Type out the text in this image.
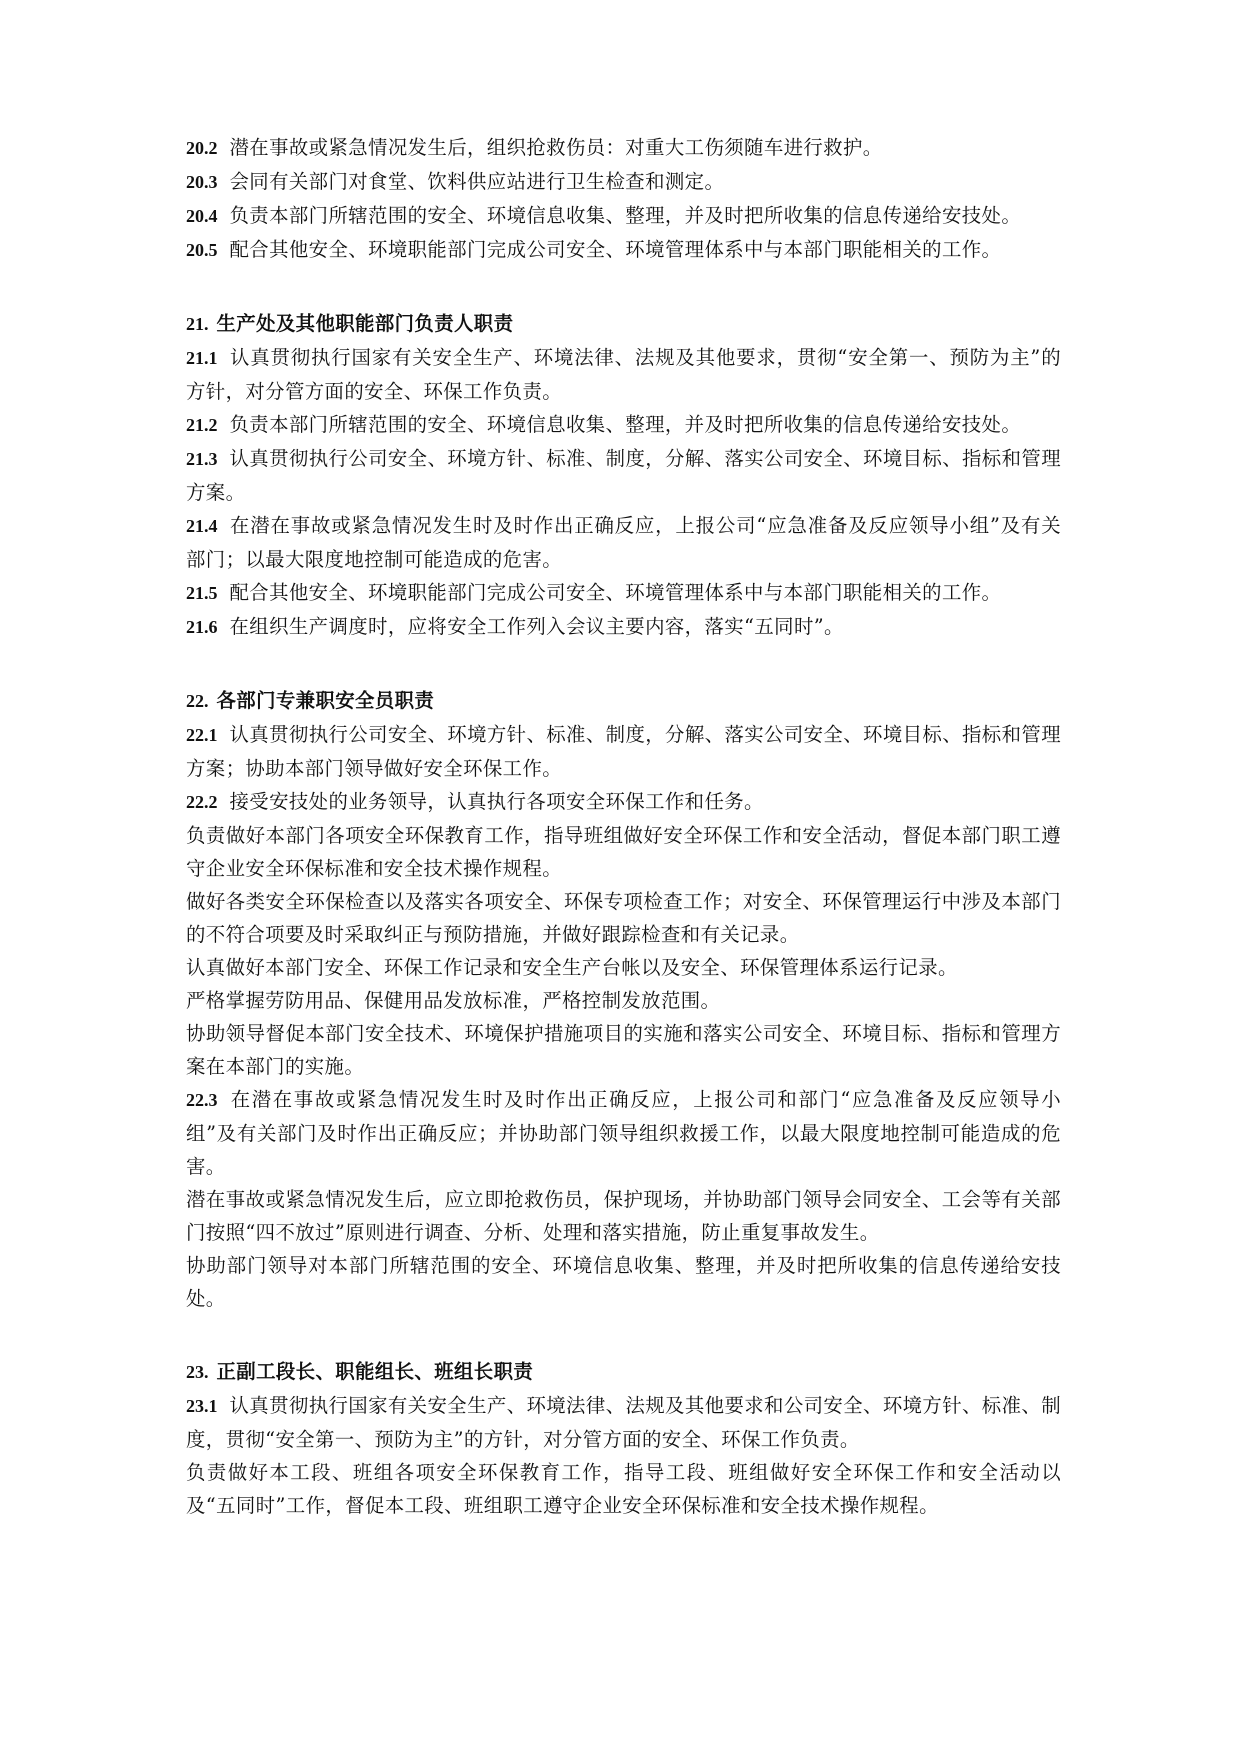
20.2 潜在事故或紧急情况发生后，组织抢救伤员：对重大工伤须随车进行救护。

20.3 会同有关部门对食堂、饮料供应站进行卫生检查和测定。

20.4 负责本部门所辖范围的安全、环境信息收集、整理，并及时把所收集的信息传递给安技处。

20.5 配合其他安全、环境职能部门完成公司安全、环境管理体系中与本部门职能相关的工作。

21. 生产处及其他职能部门负责人职责

21.1 认真贯彻执行国家有关安全生产、环境法律、法规及其他要求，贯彻“安全第一、预防为主”的方针，对分管方面的安全、环保工作负责。

21.2 负责本部门所辖范围的安全、环境信息收集、整理，并及时把所收集的信息传递给安技处。

21.3 认真贯彻执行公司安全、环境方针、标准、制度，分解、落实公司安全、环境目标、指标和管理方案。

21.4 在潜在事故或紧急情况发生时及时作出正确反应，上报公司“应急准备及反应领导小组”及有关部门；以最大限度地控制可能造成的危害。

21.5 配合其他安全、环境职能部门完成公司安全、环境管理体系中与本部门职能相关的工作。

21.6 在组织生产调度时，应将安全工作列入会议主要内容，落实“五同时”。

22. 各部门专兼职安全员职责

22.1 认真贯彻执行公司安全、环境方针、标准、制度，分解、落实公司安全、环境目标、指标和管理方案；协助本部门领导做好安全环保工作。

22.2 接受安技处的业务领导，认真执行各项安全环保工作和任务。

负责做好本部门各项安全环保教育工作，指导班组做好安全环保工作和安全活动，督促本部门职工遵守企业安全环保标准和安全技术操作规程。

做好各类安全环保检查以及落实各项安全、环保专项检查工作；对安全、环保管理运行中涉及本部门的不符合项要及时采取纠正与预防措施，并做好跟踪检查和有关记录。

认真做好本部门安全、环保工作记录和安全生产台帐以及安全、环保管理体系运行记录。

严格掌握劳防用品、保健用品发放标准，严格控制发放范围。

协助领导督促本部门安全技术、环境保护措施项目的实施和落实公司安全、环境目标、指标和管理方案在本部门的实施。

22.3 在潜在事故或紧急情况发生时及时作出正确反应，上报公司和部门“应急准备及反应领导小组”及有关部门及时作出正确反应；并协助部门领导组织救援工作，以最大限度地控制可能造成的危害。

潜在事故或紧急情况发生后，应立即抢救伤员，保护现场，并协助部门领导会同安全、工会等有关部门按照“四不放过”原则进行调查、分析、处理和落实措施，防止重复事故发生。

协助部门领导对本部门所辖范围的安全、环境信息收集、整理，并及时把所收集的信息传递给安技处。

23. 正副工段长、职能组长、班组长职责

23.1 认真贯彻执行国家有关安全生产、环境法律、法规及其他要求和公司安全、环境方针、标准、制度，贯彻“安全第一、预防为主”的方针，对分管方面的安全、环保工作负责。

负责做好本工段、班组各项安全环保教育工作，指导工段、班组做好安全环保工作和安全活动以及“五同时”工作，督促本工段、班组职工遵守企业安全环保标准和安全技术操作规程。
